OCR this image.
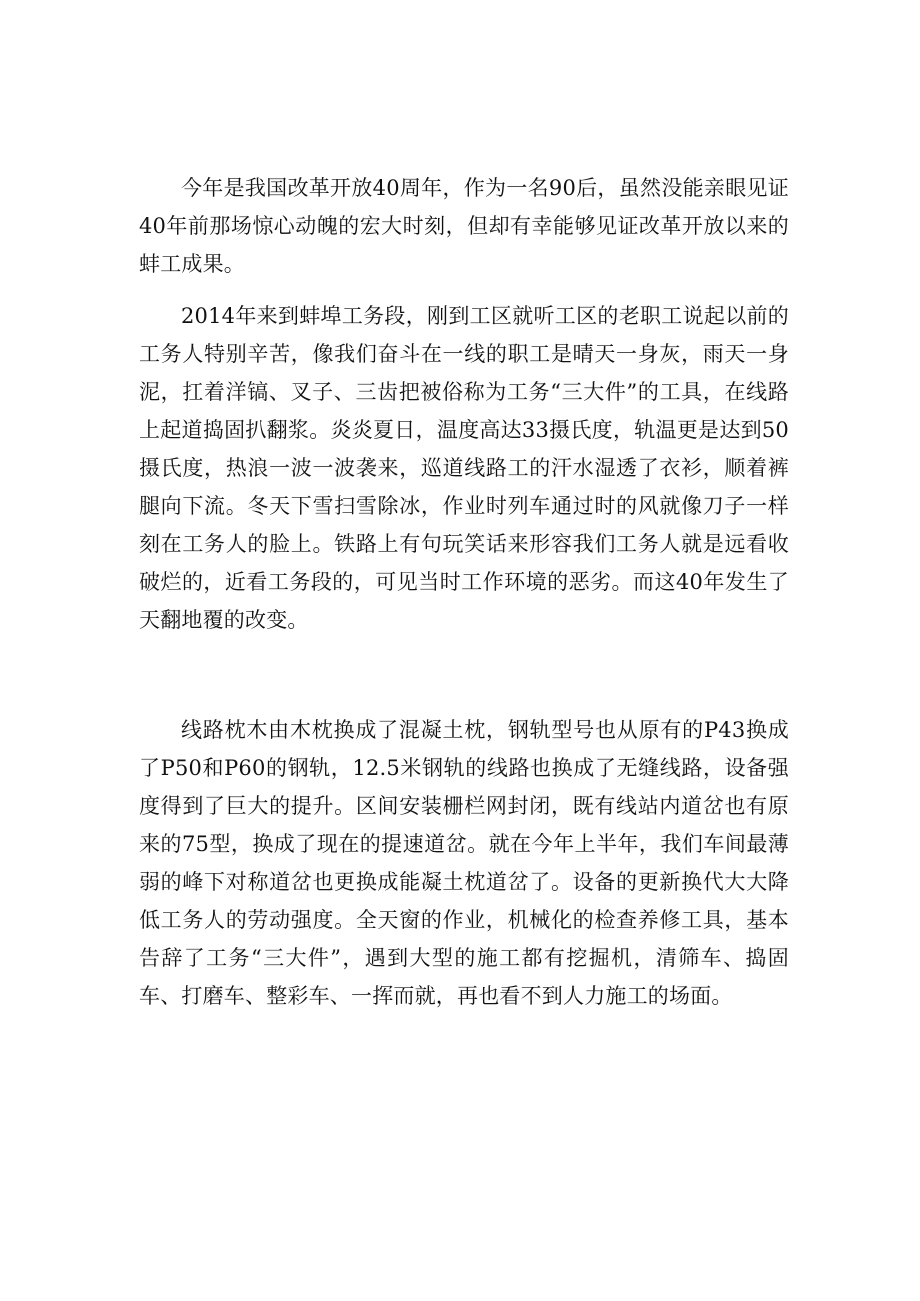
今年是我国改革开放40周年，作为一名90后，虽然没能亲眼见证40年前那场惊心动魄的宏大时刻，但却有幸能够见证改革开放以来的蚌工成果。

2014年来到蚌埠工务段，刚到工区就听工区的老职工说起以前的工务人特别辛苦，像我们奋斗在一线的职工是晴天一身灰，雨天一身泥，扛着洋镐、叉子、三齿把被俗称为工务“三大件”的工具，在线路上起道捣固扒翻浆。炎炎夏日，温度高达33摄氏度，轨温更是达到50摄氏度，热浪一波一波袭来，巡道线路工的汗水湿透了衣衫，顺着裤腿向下流。冬天下雪扫雪除冰，作业时列车通过时的风就像刀子一样刻在工务人的脸上。铁路上有句玩笑话来形容我们工务人就是远看收破烂的，近看工务段的，可见当时工作环境的恶劣。而这40年发生了天翻地覆的改变。

线路枕木由木枕换成了混凝土枕，钢轨型号也从原有的P43换成了P50和P60的钢轨，12.5米钢轨的线路也换成了无缝线路，设备强度得到了巨大的提升。区间安装栅栏网封闭，既有线站内道岔也有原来的75型，换成了现在的提速道岔。就在今年上半年，我们车间最薄弱的峰下对称道岔也更换成能凝土枕道岔了。设备的更新换代大大降低工务人的劳动强度。全天窗的作业，机械化的检查养修工具，基本告辞了工务“三大件”，遇到大型的施工都有挖掘机，清筛车、捣固车、打磨车、整彩车、一挥而就，再也看不到人力施工的场面。
